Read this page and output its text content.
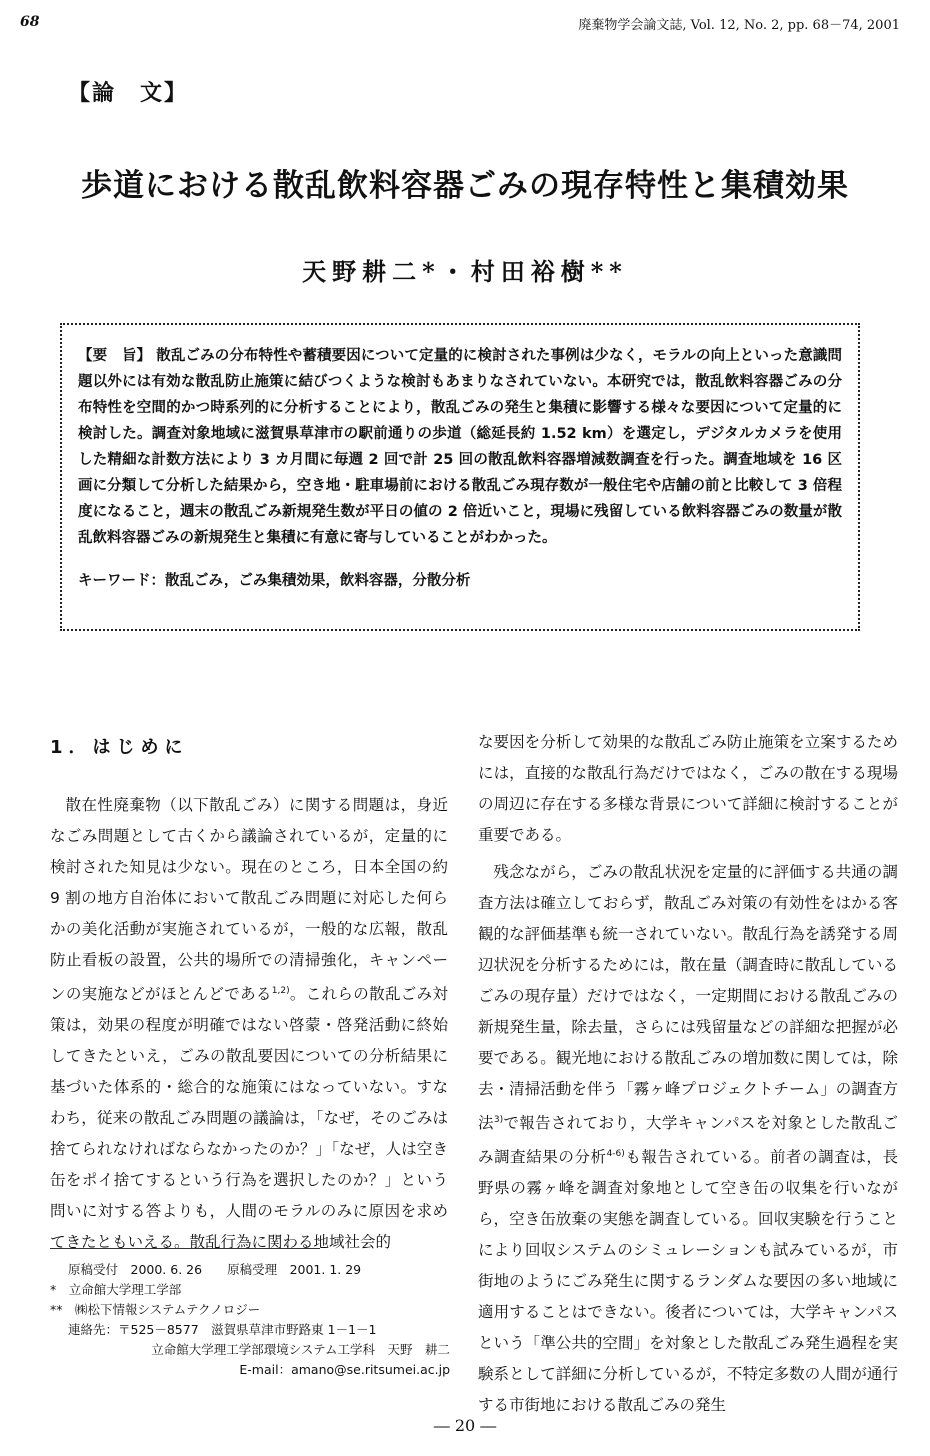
68	廃棄物学会論文誌, Vol. 12, No. 2, pp. 68－74, 2001
【論　文】
歩道における散乱飲料容器ごみの現存特性と集積効果
天野耕二*・村田裕樹**
【要　旨】 散乱ごみの分布特性や蓄積要因について定量的に検討された事例は少なく，モラルの向上といった意識問題以外には有効な散乱防止施策に結びつくような検討もあまりなされていない。本研究では，散乱飲料容器ごみの分布特性を空間的かつ時系列的に分析することにより，散乱ごみの発生と集積に影響する様々な要因について定量的に検討した。調査対象地域に滋賀県草津市の駅前通りの歩道（総延長約 1.52 km）を選定し，デジタルカメラを使用した精細な計数方法により 3 カ月間に毎週 2 回で計 25 回の散乱飲料容器増減数調査を行った。調査地域を 16 区画に分類して分析した結果から，空き地・駐車場前における散乱ごみ現存数が一般住宅や店舗の前と比較して 3 倍程度になること，週末の散乱ごみ新規発生数が平日の値の 2 倍近いこと，現場に残留している飲料容器ごみの数量が散乱飲料容器ごみの新規発生と集積に有意に寄与していることがわかった。
キーワード：散乱ごみ，ごみ集積効果，飲料容器，分散分析
1．はじめに

散在性廃棄物（以下散乱ごみ）に関する問題は，身近なごみ問題として古くから議論されているが，定量的に検討された知見は少ない。現在のところ，日本全国の約 9 割の地方自治体において散乱ごみ問題に対応した何らかの美化活動が実施されているが，一般的な広報，散乱防止看板の設置，公共的場所での清掃強化，キャンペーンの実施などがほとんどである$^{1,2)}$。これらの散乱ごみ対策は，効果の程度が明確ではない啓蒙・啓発活動に終始してきたといえ，ごみの散乱要因についての分析結果に基づいた体系的・総合的な施策にはなっていない。すなわち，従来の散乱ごみ問題の議論は，「なぜ，そのごみは捨てられなければならなかったのか？」「なぜ，人は空き缶をポイ捨てするという行為を選択したのか？」という問いに対する答よりも，人間のモラルのみに原因を求めてきたともいえる。散乱行為に関わる地域社会的

な要因を分析して効果的な散乱ごみ防止施策を立案するためには，直接的な散乱行為だけではなく，ごみの散在する現場の周辺に存在する多様な背景について詳細に検討することが重要である。

残念ながら，ごみの散乱状況を定量的に評価する共通の調査方法は確立しておらず，散乱ごみ対策の有効性をはかる客観的な評価基準も統一されていない。散乱行為を誘発する周辺状況を分析するためには，散在量（調査時に散乱しているごみの現存量）だけではなく，一定期間における散乱ごみの新規発生量，除去量，さらには残留量などの詳細な把握が必要である。観光地における散乱ごみの増加数に関しては，除去・清掃活動を伴う「霧ヶ峰プロジェクトチーム」の調査方法$^{3)}$で報告されており，大学キャンパスを対象とした散乱ごみ調査結果の分析$^{4-6)}$も報告されている。前者の調査は，長野県の霧ヶ峰を調査対象地として空き缶の収集を行いながら，空き缶放棄の実態を調査している。回収実験を行うことにより回収システムのシミュレーションも試みているが，市街地のようにごみ発生に関するランダムな要因の多い地域に適用することはできない。後者については，大学キャンパスという「準公共的空間」を対象とした散乱ごみ発生過程を実験系として詳細に分析しているが，不特定多数の人間が通行する市街地における散乱ごみの発生

原稿受付　2000. 6. 26　　原稿受理　2001. 1. 29
*　立命館大学理工学部
**　㈱松下情報システムテクノロジー
連絡先：〒525－8577　滋賀県草津市野路東 1－1－1
立命館大学理工学部環境システム工学科　天野　耕二
E-mail：amano@se.ritsumei.ac.jp
― 20 ―
